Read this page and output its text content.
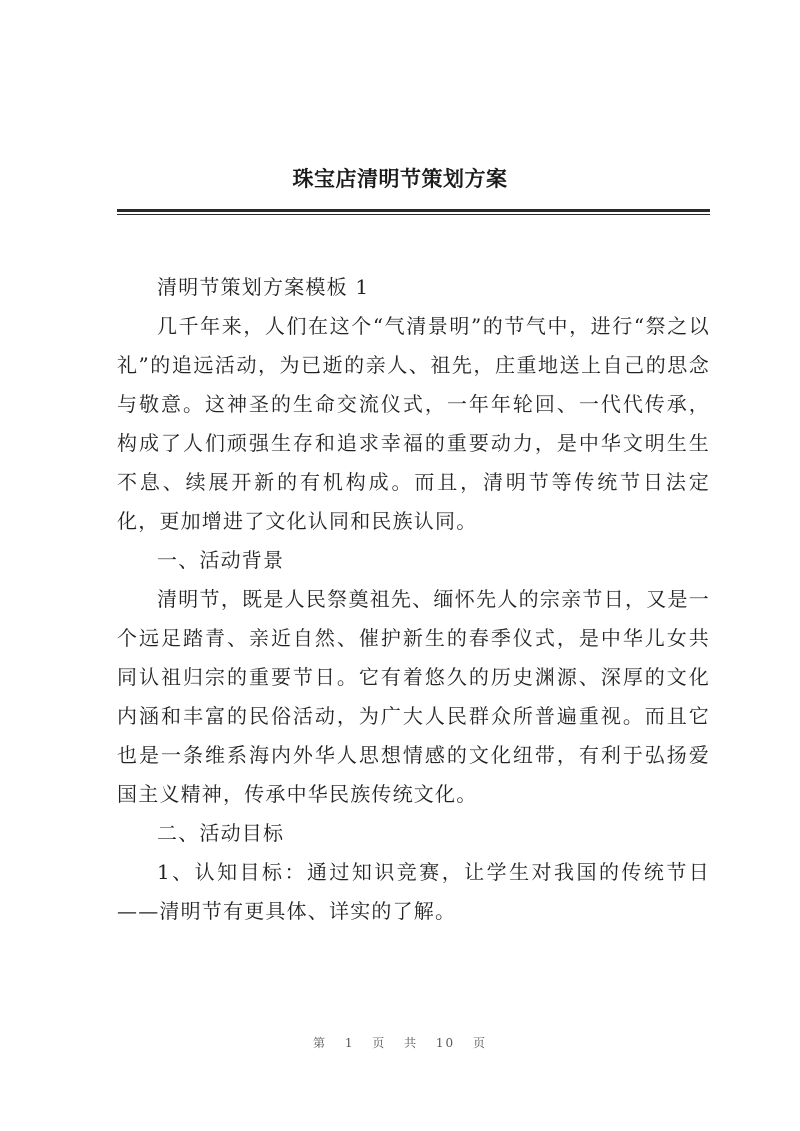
珠宝店清明节策划方案

清明节策划方案模板 1

几千年来，人们在这个“气清景明”的节气中，进行“祭之以礼”的追远活动，为已逝的亲人、祖先，庄重地送上自己的思念与敬意。这神圣的生命交流仪式，一年年轮回、一代代传承，构成了人们顽强生存和追求幸福的重要动力，是中华文明生生不息、续展开新的有机构成。而且，清明节等传统节日法定化，更加增进了文化认同和民族认同。

一、活动背景

清明节，既是人民祭奠祖先、缅怀先人的宗亲节日，又是一个远足踏青、亲近自然、催护新生的春季仪式，是中华儿女共同认祖归宗的重要节日。它有着悠久的历史渊源、深厚的文化内涵和丰富的民俗活动，为广大人民群众所普遍重视。而且它也是一条维系海内外华人思想情感的文化纽带，有利于弘扬爱国主义精神，传承中华民族传统文化。

二、活动目标

1、认知目标：通过知识竞赛，让学生对我国的传统节日——清明节有更具体、详实的了解。

第 1 页 共 10 页
